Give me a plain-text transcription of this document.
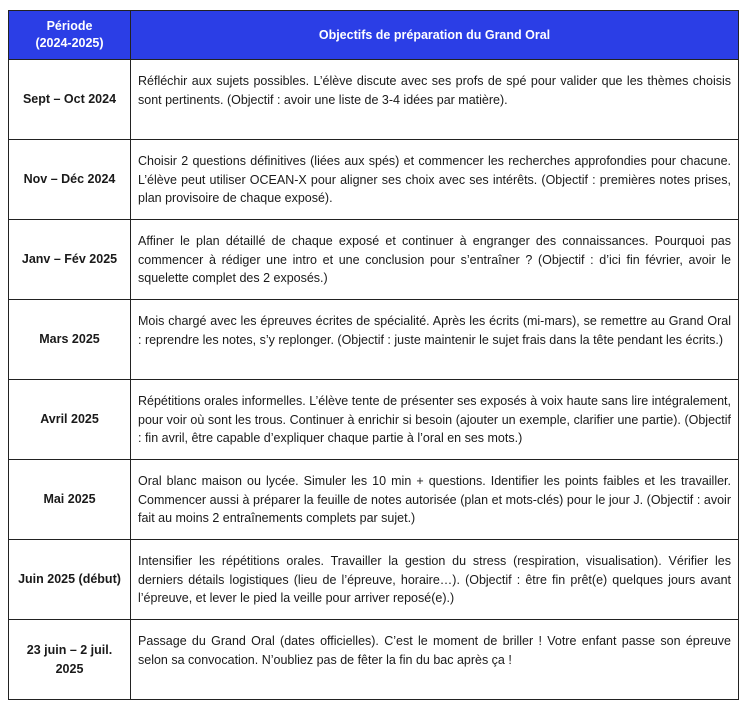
Période
(2024-2025)	Objectifs de préparation du Grand Oral
Sept – Oct 2024	Réfléchir aux sujets possibles. L’élève discute avec ses profs de spé pour valider que les thèmes choisis sont pertinents. (Objectif : avoir une liste de 3-4 idées par matière).
Nov – Déc 2024	Choisir 2 questions définitives (liées aux spés) et commencer les recherches approfondies pour chacune. L’élève peut utiliser OCEAN-X pour aligner ses choix avec ses intérêts. (Objectif : premières notes prises, plan provisoire de chaque exposé).
Janv – Fév 2025	Affiner le plan détaillé de chaque exposé et continuer à engranger des connaissances. Pourquoi pas commencer à rédiger une intro et une conclusion pour s’entraîner ? (Objectif : d’ici fin février, avoir le squelette complet des 2 exposés.)
Mars 2025	Mois chargé avec les épreuves écrites de spécialité. Après les écrits (mi-mars), se remettre au Grand Oral : reprendre les notes, s’y replonger. (Objectif : juste maintenir le sujet frais dans la tête pendant les écrits.)
Avril 2025	Répétitions orales informelles. L’élève tente de présenter ses exposés à voix haute sans lire intégralement, pour voir où sont les trous. Continuer à enrichir si besoin (ajouter un exemple, clarifier une partie). (Objectif : fin avril, être capable d’expliquer chaque partie à l’oral en ses mots.)
Mai 2025	Oral blanc maison ou lycée. Simuler les 10 min + questions. Identifier les points faibles et les travailler. Commencer aussi à préparer la feuille de notes autorisée (plan et mots-clés) pour le jour J. (Objectif : avoir fait au moins 2 entraînements complets par sujet.)
Juin 2025 (début)	Intensifier les répétitions orales. Travailler la gestion du stress (respiration, visualisation). Vérifier les derniers détails logistiques (lieu de l’épreuve, horaire…). (Objectif : être fin prêt(e) quelques jours avant l’épreuve, et lever le pied la veille pour arriver reposé(e).)
23 juin – 2 juil. 2025	Passage du Grand Oral (dates officielles). C’est le moment de briller ! Votre enfant passe son épreuve selon sa convocation. N’oubliez pas de fêter la fin du bac après ça !
